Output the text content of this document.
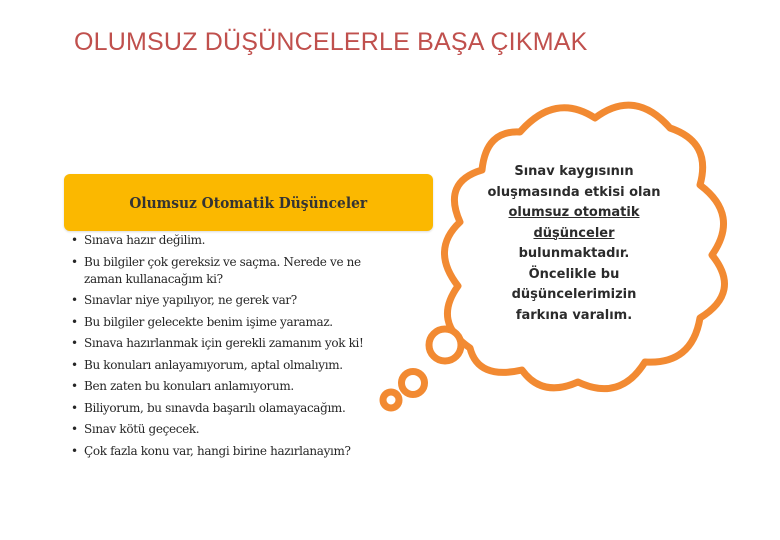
OLUMSUZ DÜŞÜNCELERLE BAŞA ÇIKMAK
Olumsuz Otomatik Düşünceler
• Sınava hazır değilim.
• Bu bilgiler çok gereksiz ve saçma. Nerede ve ne zaman kullanacağım ki?
• Sınavlar niye yapılıyor, ne gerek var?
• Bu bilgiler gelecekte benim işime yaramaz.
• Sınava hazırlanmak için gerekli zamanım yok ki!
• Bu konuları anlayamıyorum, aptal olmalıyım.
• Ben zaten bu konuları anlamıyorum.
• Biliyorum, bu sınavda başarılı olamayacağım.
• Sınav kötü geçecek.
• Çok fazla konu var, hangi birine hazırlanayım?
Sınav kaygısının
oluşmasında etkisi olan
olumsuz otomatik
düşünceler
bulunmaktadır.
Öncelikle bu
düşüncelerimizin
farkına varalım.
